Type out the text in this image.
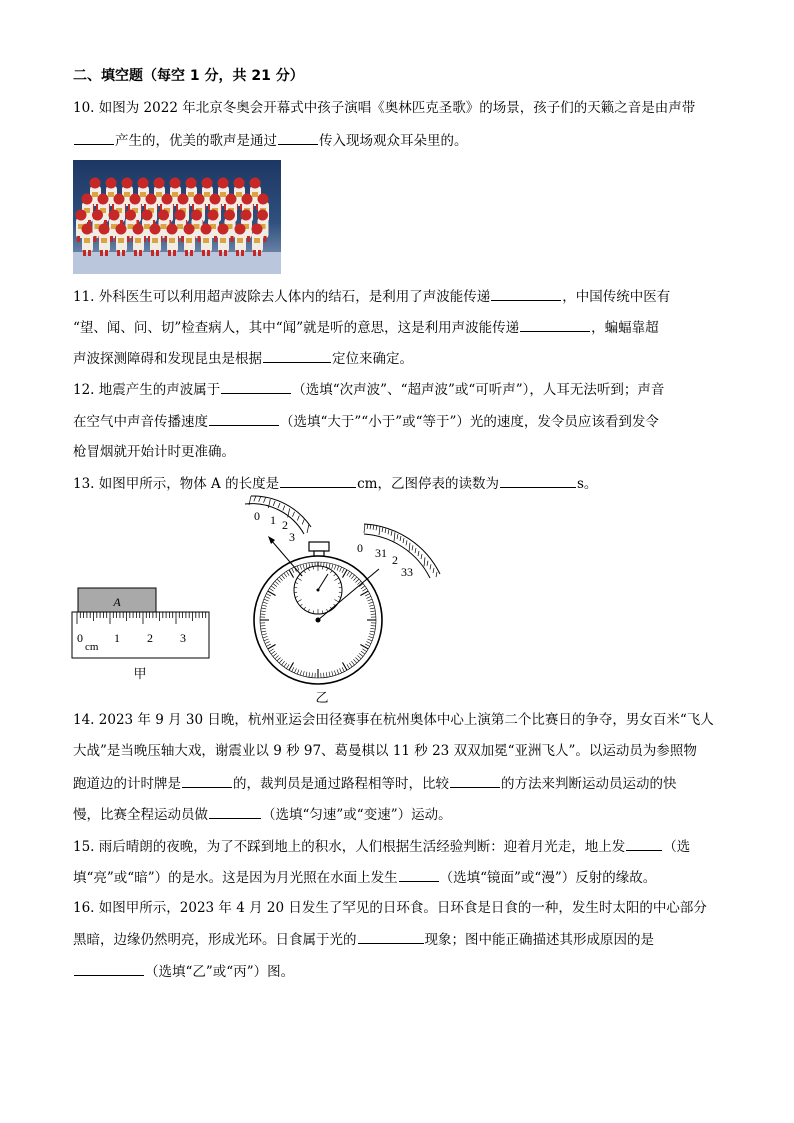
二、填空题（每空 1 分，共 21 分）
10. 如图为 2022 年北京冬奥会开幕式中孩子演唱《奥林匹克圣歌》的场景，孩子们的天籁之音是由声带
产生的，优美的歌声是通过	传入现场观众耳朵里的。
11. 外科医生可以利用超声波除去人体内的结石，是利用了声波能传递	，中国传统中医有
“望、闻、问、切”检查病人，其中“闻”就是听的意思，这是利用声波能传递	，蝙蝠靠超
声波探测障碍和发现昆虫是根据	定位来确定。
12. 地震产生的声波属于	（选填“次声波”、“超声波”或“可听声”），人耳无法听到；声音
在空气中声音传播速度	（选填“大于”“小于”或“等于”）光的速度，发令员应该看到发令
枪冒烟就开始计时更准确。
13. 如图甲所示，物体 A 的长度是	cm，乙图停表的读数为	s。
A
0	1 2 3
cm
甲
0 1 2
3
0 31 2
33
乙
14. 2023 年 9 月 30 日晚，杭州亚运会田径赛事在杭州奥体中心上演第二个比赛日的争夺，男女百米“飞人
大战”是当晚压轴大戏，谢震业以 9 秒 97、葛曼棋以 11 秒 23 双双加冕“亚洲飞人”。以运动员为参照物
跑道边的计时牌是	的，裁判员是通过路程相等时，比较	的方法来判断运动员运动的快
慢，比赛全程运动员做	（选填“匀速”或“变速”）运动。
15. 雨后晴朗的夜晚，为了不踩到地上的积水，人们根据生活经验判断：迎着月光走，地上发	（选
填“亮”或“暗”）的是水。这是因为月光照在水面上发生	（选填“镜面”或“漫”）反射的缘故。
16. 如图甲所示，2023 年 4 月 20 日发生了罕见的日环食。日环食是日食的一种，发生时太阳的中心部分
黑暗，边缘仍然明亮，形成光环。日食属于光的	现象；图中能正确描述其形成原因的是
（选填“乙”或“丙”）图。
